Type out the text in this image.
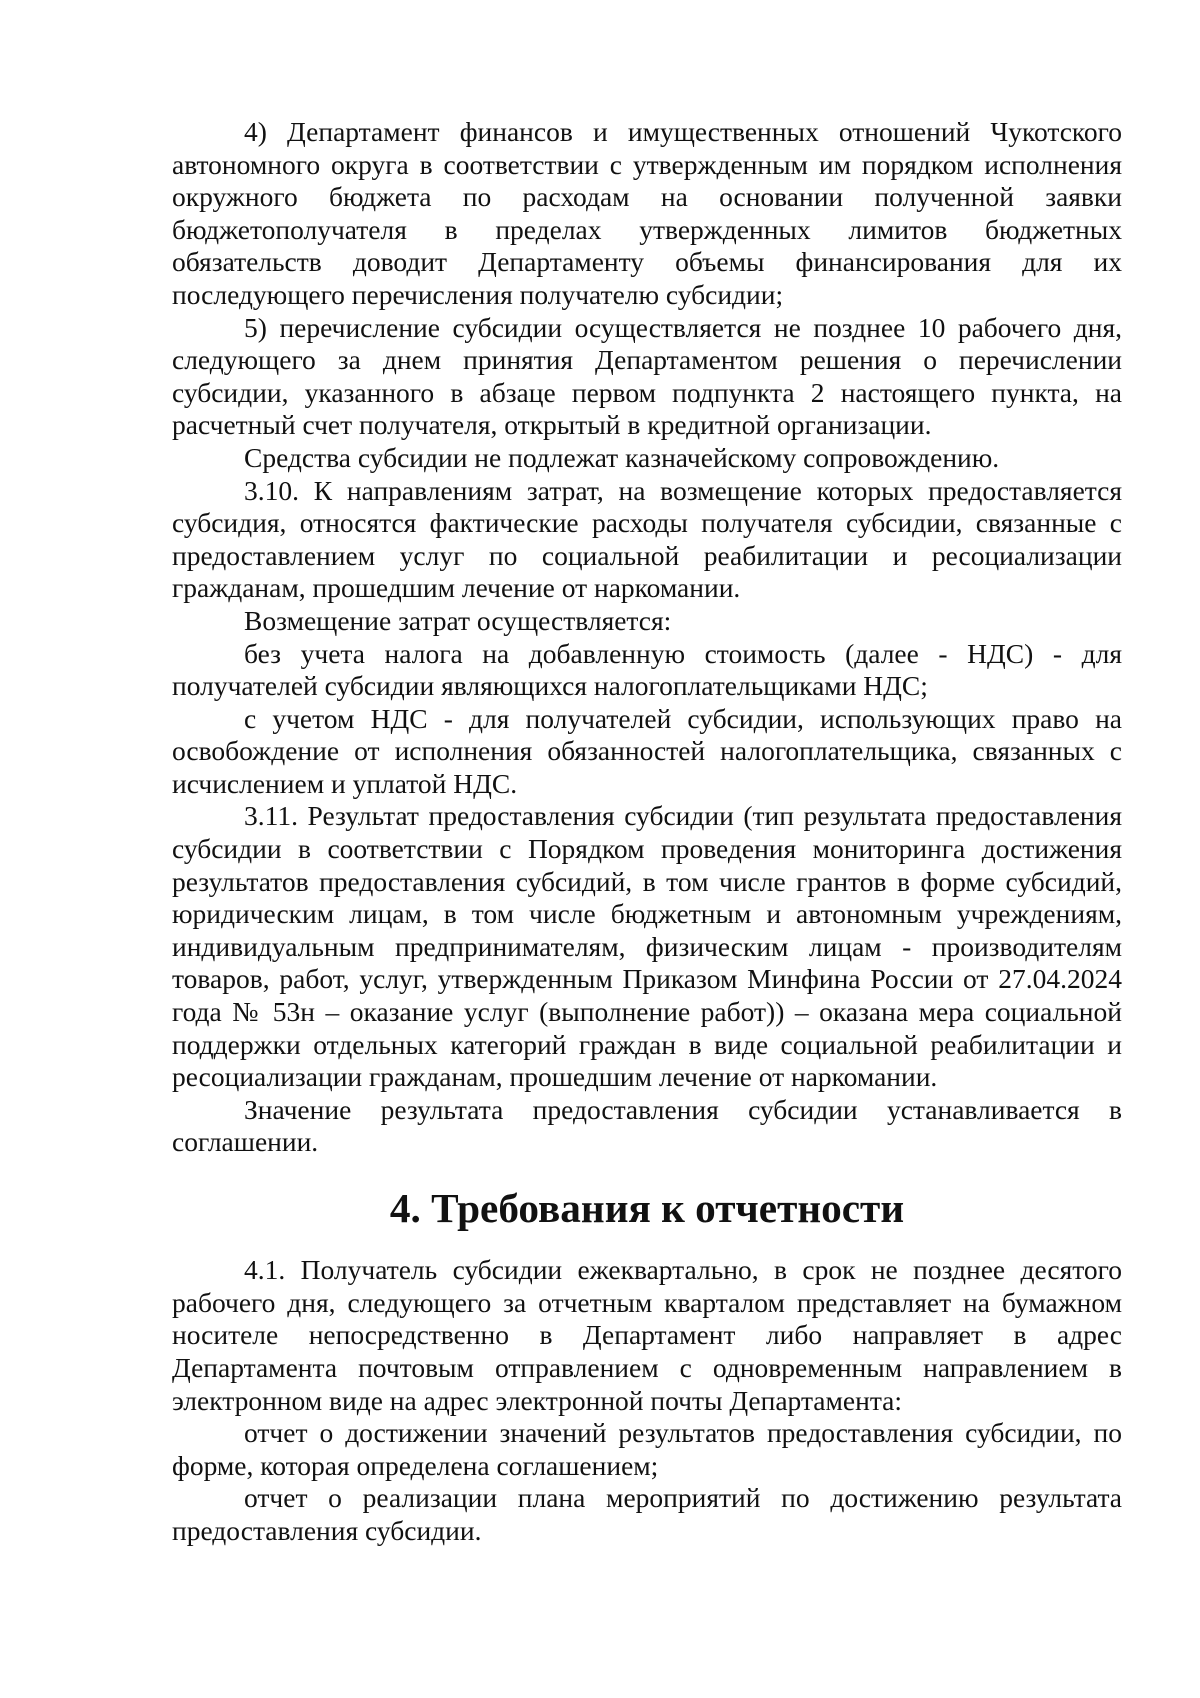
4) Департамент финансов и имущественных отношений Чукотского автономного округа в соответствии с утвержденным им порядком исполнения окружного бюджета по расходам на основании полученной заявки бюджетополучателя в пределах утвержденных лимитов бюджетных обязательств доводит Департаменту объемы финансирования для их последующего перечисления получателю субсидии;

5) перечисление субсидии осуществляется не позднее 10 рабочего дня, следующего за днем принятия Департаментом решения о перечислении субсидии, указанного в абзаце первом подпункта 2 настоящего пункта, на расчетный счет получателя, открытый в кредитной организации.

Средства субсидии не подлежат казначейскому сопровождению.

3.10. К направлениям затрат, на возмещение которых предоставляется субсидия, относятся фактические расходы получателя субсидии, связанные с предоставлением услуг по социальной реабилитации и ресоциализации гражданам, прошедшим лечение от наркомании.

Возмещение затрат осуществляется:

без учета налога на добавленную стоимость (далее - НДС) - для получателей субсидии являющихся налогоплательщиками НДС;

с учетом НДС - для получателей субсидии, использующих право на освобождение от исполнения обязанностей налогоплательщика, связанных с исчислением и уплатой НДС.

3.11. Результат предоставления субсидии (тип результата предоставления субсидии в соответствии с Порядком проведения мониторинга достижения результатов предоставления субсидий, в том числе грантов в форме субсидий, юридическим лицам, в том числе бюджетным и автономным учреждениям, индивидуальным предпринимателям, физическим лицам - производителям товаров, работ, услуг, утвержденным Приказом Минфина России от 27.04.2024 года № 53н – оказание услуг (выполнение работ)) – оказана мера социальной поддержки отдельных категорий граждан в виде социальной реабилитации и ресоциализации гражданам, прошедшим лечение от наркомании.

Значение результата предоставления субсидии устанавливается в соглашении.

4. Требования к отчетности

4.1. Получатель субсидии ежеквартально, в срок не позднее десятого рабочего дня, следующего за отчетным кварталом представляет на бумажном носителе непосредственно в Департамент либо направляет в адрес Департамента почтовым отправлением с одновременным направлением в электронном виде на адрес электронной почты Департамента:

отчет о достижении значений результатов предоставления субсидии, по форме, которая определена соглашением;

отчет о реализации плана мероприятий по достижению результата предоставления субсидии.
